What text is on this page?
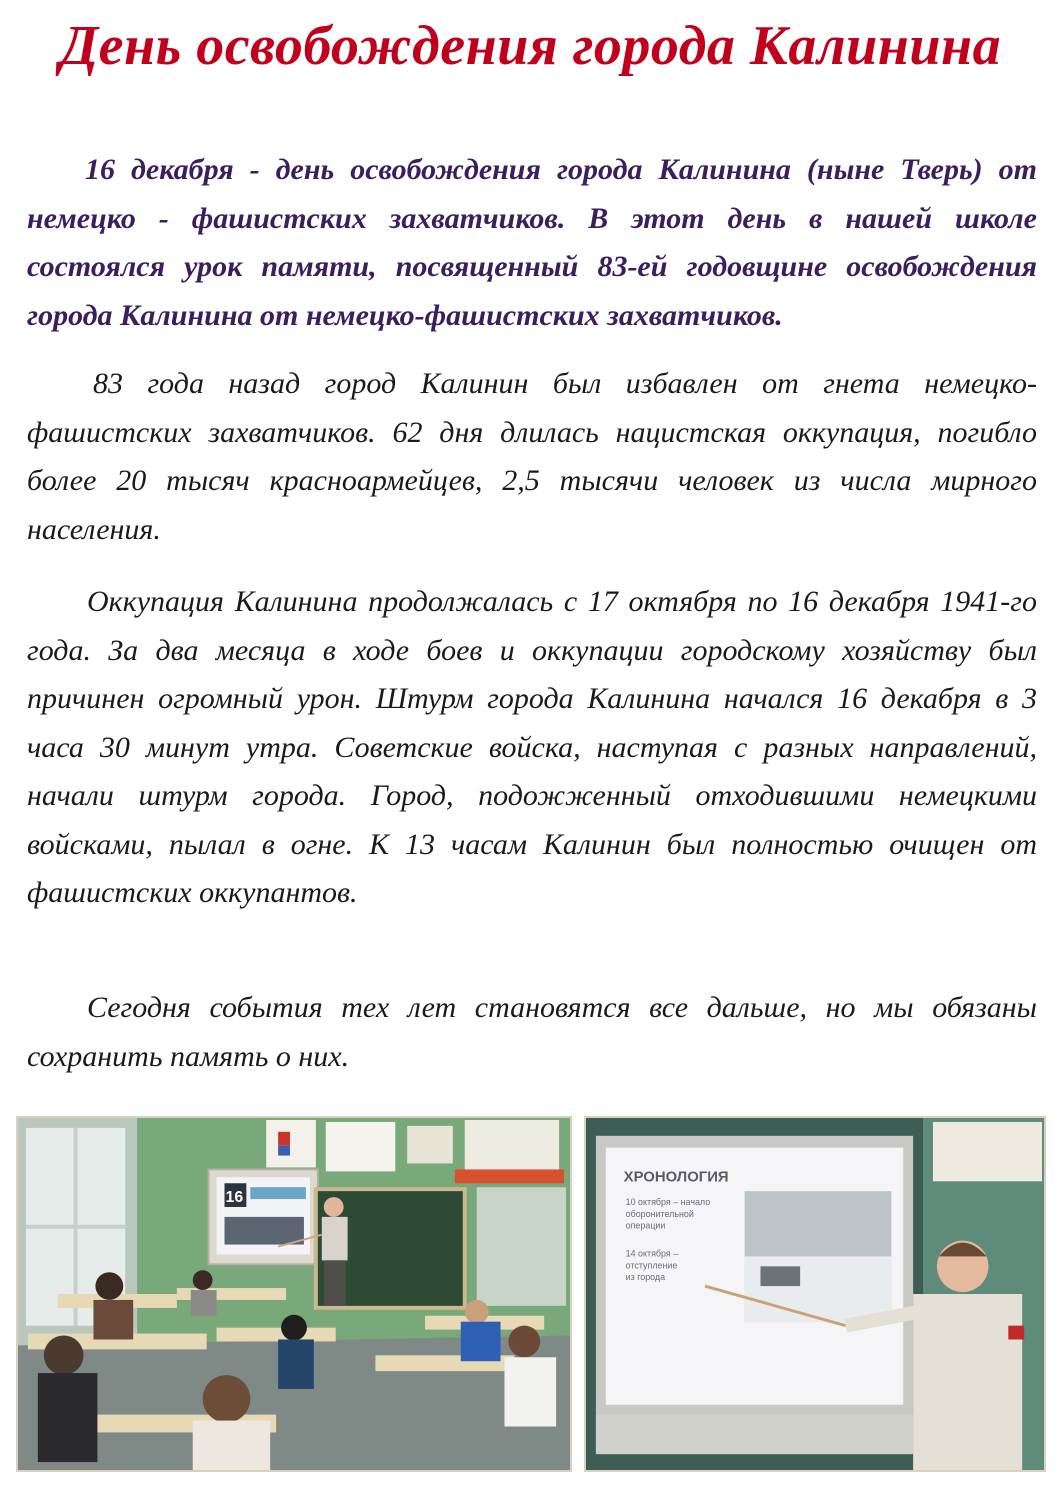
День освобождения города Калинина

16 декабря - день освобождения города Калинина (ныне Тверь) от немецко - фашистских захватчиков. В этот день в нашей школе состоялся урок памяти, посвященный 83-ей годовщине освобождения города Калинина от немецко-фашистских захватчиков.

83 года назад город Калинин был избавлен от гнета немецко-фашистских захватчиков. 62 дня длилась нацистская оккупация, погибло более 20 тысяч красноармейцев, 2,5 тысячи человек из числа мирного населения.

Оккупация Калинина продолжалась с 17 октября по 16 декабря 1941-го года. За два месяца в ходе боев и оккупации городскому хозяйству был причинен огромный урон. Штурм города Калинина начался 16 декабря в 3 часа 30 минут утра. Советские войска, наступая с разных направлений, начали штурм города. Город, подожженный отходившими немецкими войсками, пылал в огне. К 13 часам Калинин был полностью очищен от фашистских оккупантов.

Сегодня события тех лет становятся все дальше, но мы обязаны сохранить память о них.

16
ХРОНОЛОГИЯ
10 октября – начало
оборонительной
операции
14 октября –
отступление
из города
